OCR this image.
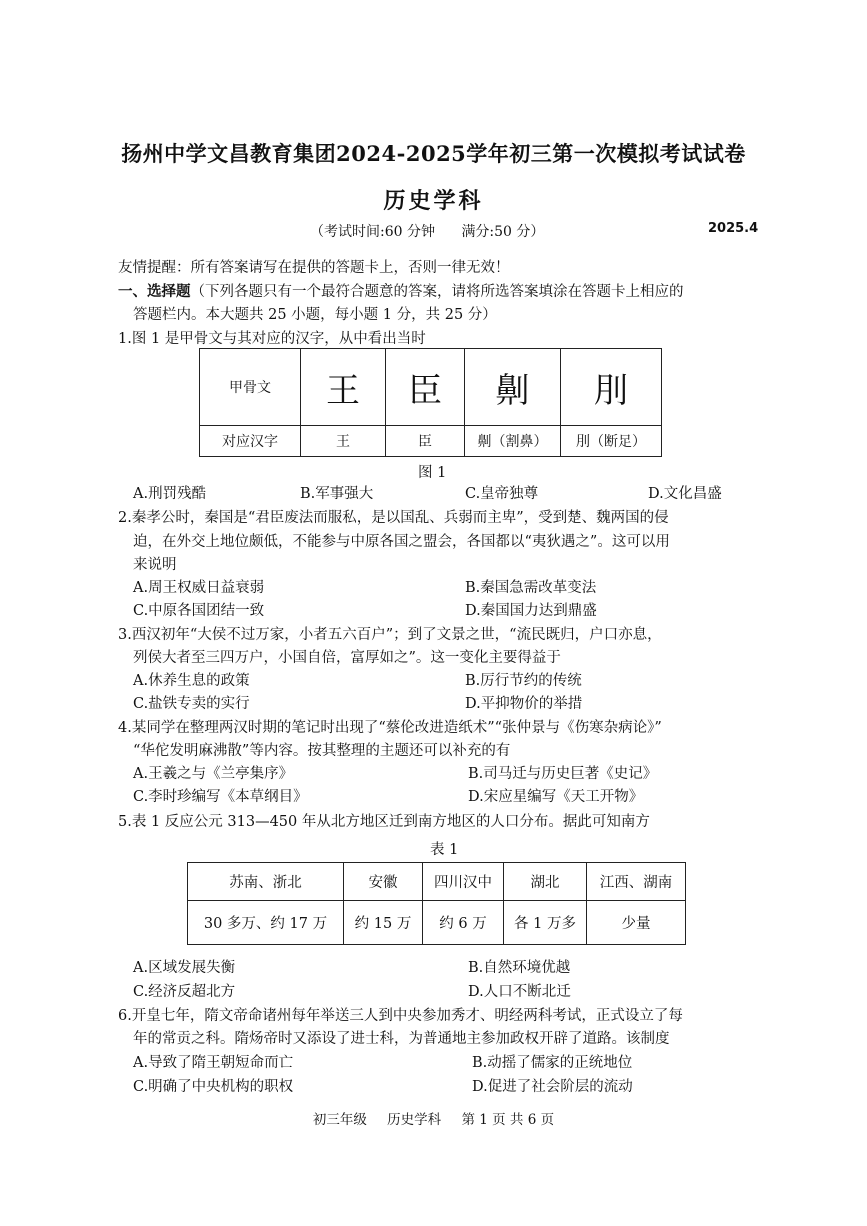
扬州中学文昌教育集团2024-2025学年初三第一次模拟考试试卷
历史学科
（考试时间:60 分钟 满分:50 分）	2025.4
友情提醒：所有答案请写在提供的答题卡上，否则一律无效！
一、选择题（下列各题只有一个最符合题意的答案，请将所选答案填涂在答题卡上相应的
答题栏内。本大题共 25 小题，每小题 1 分，共 25 分）
1.图 1 是甲骨文与其对应的汉字，从中看出当时
甲骨文	王	臣	劓	刖
对应汉字	王	臣	劓（割鼻）	刖（断足）
图 1
A.刑罚残酷	B.军事强大	C.皇帝独尊	D.文化昌盛
2.秦孝公时，秦国是“君臣废法而服私，是以国乱、兵弱而主卑”，受到楚、魏两国的侵
迫，在外交上地位颇低，不能参与中原各国之盟会，各国都以“夷狄遇之”。这可以用
来说明
A.周王权威日益衰弱	B.秦国急需改革变法
C.中原各国团结一致	D.秦国国力达到鼎盛
3.西汉初年“大侯不过万家，小者五六百户”；到了文景之世，“流民既归，户口亦息，
列侯大者至三四万户，小国自倍，富厚如之”。这一变化主要得益于
A.休养生息的政策	B.厉行节约的传统
C.盐铁专卖的实行	D.平抑物价的举措
4.某同学在整理两汉时期的笔记时出现了“蔡伦改进造纸术”“张仲景与《伤寒杂病论》”
“华佗发明麻沸散”等内容。按其整理的主题还可以补充的有
A.王羲之与《兰亭集序》	B.司马迁与历史巨著《史记》
C.李时珍编写《本草纲目》	D.宋应星编写《天工开物》
5.表 1 反应公元 313—450 年从北方地区迁到南方地区的人口分布。据此可知南方
表 1
苏南、浙北	安徽	四川汉中	湖北	江西、湖南
30 多万、约 17 万	约 15 万	约 6 万	各 1 万多	少量
A.区域发展失衡	B.自然环境优越
C.经济反超北方	D.人口不断北迁
6.开皇七年，隋文帝命诸州每年举送三人到中央参加秀才、明经两科考试，正式设立了每
年的常贡之科。隋炀帝时又添设了进士科，为普通地主参加政权开辟了道路。该制度
A.导致了隋王朝短命而亡	B.动摇了儒家的正统地位
C.明确了中央机构的职权	D.促进了社会阶层的流动
初三年级 历史学科 第 1 页 共 6 页
